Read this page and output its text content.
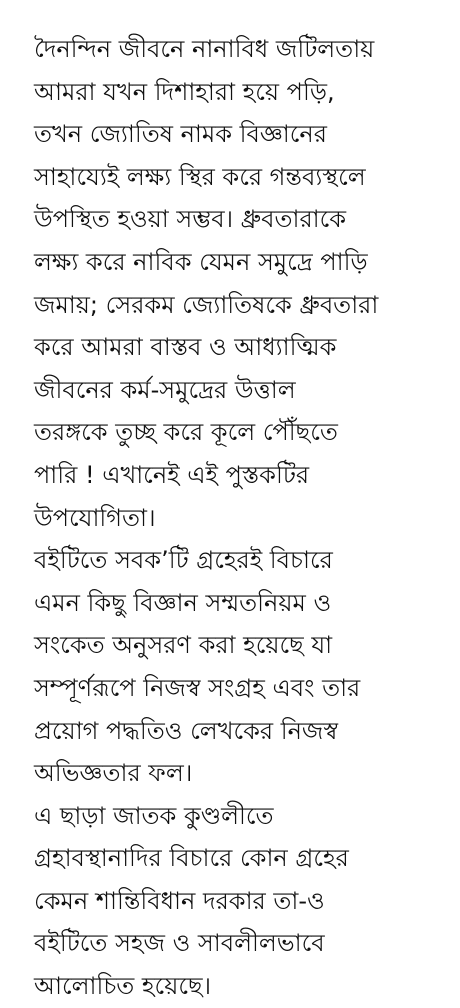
দৈনন্দিন জীবনে নানাবিধ জটিলতায়
আমরা যখন দিশাহারা হয়ে পড়ি,
তখন জ্যোতিষ নামক বিজ্ঞানের
সাহায্যেই লক্ষ্য স্থির করে গন্তব্যস্থলে
উপস্থিত হওয়া সম্ভব। ধ্রুবতারাকে
লক্ষ্য করে নাবিক যেমন সমুদ্রে পাড়ি
জমায়; সেরকম জ্যোতিষকে ধ্রুবতারা
করে আমরা বাস্তব ও আধ্যাত্মিক
জীবনের কর্ম-সমুদ্রের উত্তাল
তরঙ্গকে তুচ্ছ করে কূলে পৌঁছতে
পারি ! এখানেই এই পুস্তকটির
উপযোগিতা।

বইটিতে সবক’টি গ্রহেরই বিচারে
এমন কিছু বিজ্ঞান সম্মতনিয়ম ও
সংকেত অনুসরণ করা হয়েছে যা
সম্পূর্ণরূপে নিজস্ব সংগ্রহ এবং তার
প্রয়োগ পদ্ধতিও লেখকের নিজস্ব
অভিজ্ঞতার ফল।

এ ছাড়া জাতক কুণ্ডলীতে
গ্রহাবস্থানাদির বিচারে কোন গ্রহের
কেমন শান্তিবিধান দরকার তা-ও
বইটিতে সহজ ও সাবলীলভাবে
আলোচিত হয়েছে।
